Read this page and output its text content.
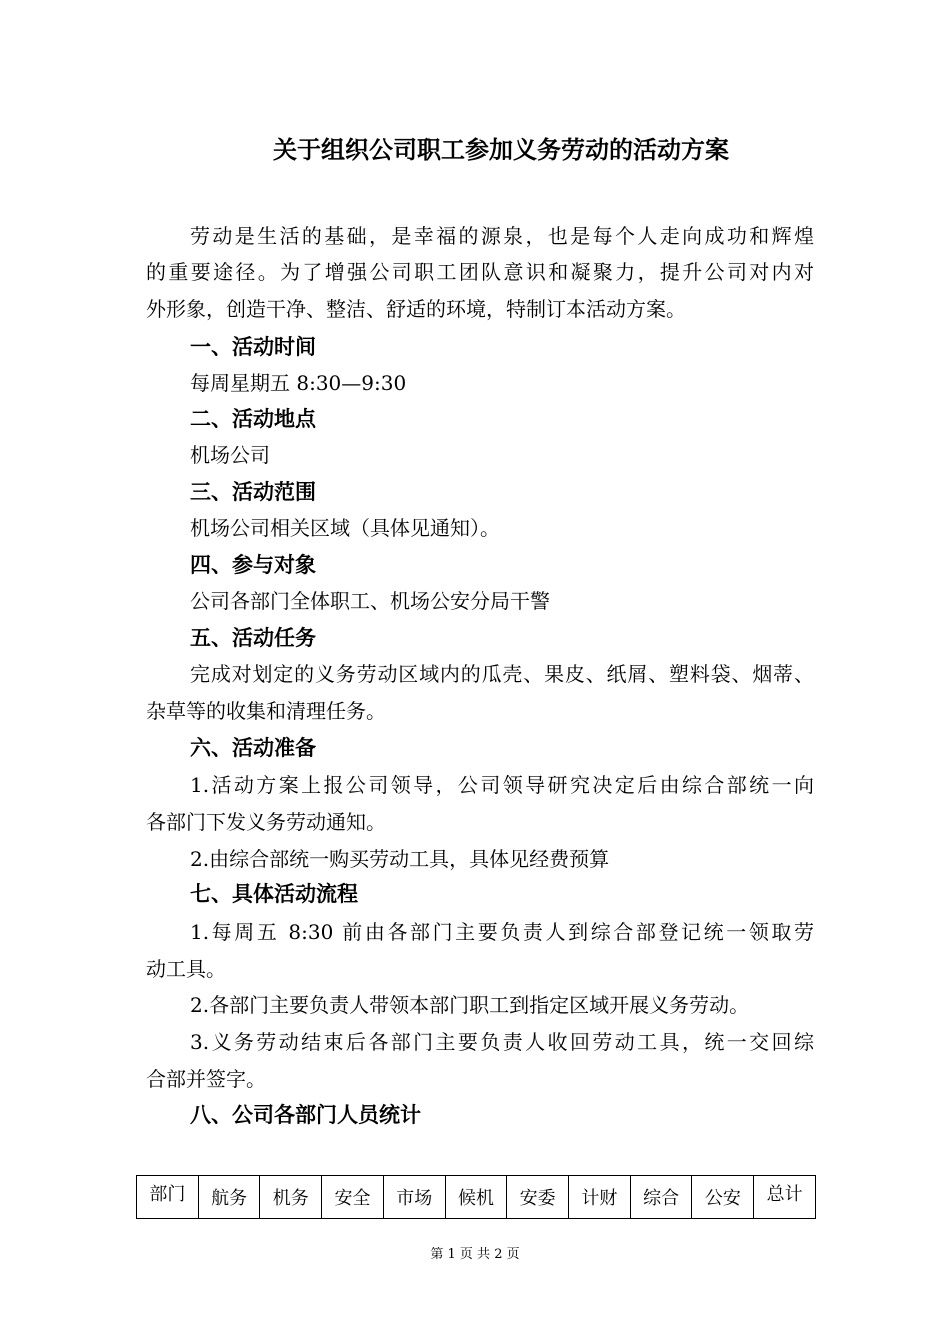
关于组织公司职工参加义务劳动的活动方案
劳动是生活的基础，是幸福的源泉，也是每个人走向成功和辉煌
的重要途径。为了增强公司职工团队意识和凝聚力，提升公司对内对
外形象，创造干净、整洁、舒适的环境，特制订本活动方案。
一、活动时间
每周星期五 8:30—9:30
二、活动地点
机场公司
三、活动范围
机场公司相关区域（具体见通知）。
四、参与对象
公司各部门全体职工、机场公安分局干警
五、活动任务
完成对划定的义务劳动区域内的瓜壳、果皮、纸屑、塑料袋、烟蒂、
杂草等的收集和清理任务。
六、活动准备
1.活动方案上报公司领导，公司领导研究决定后由综合部统一向
各部门下发义务劳动通知。
2.由综合部统一购买劳动工具，具体见经费预算
七、具体活动流程
1.每周五 8:30 前由各部门主要负责人到综合部登记统一领取劳
动工具。
2.各部门主要负责人带领本部门职工到指定区域开展义务劳动。
3.义务劳动结束后各部门主要负责人收回劳动工具，统一交回综
合部并签字。
八、公司各部门人员统计
部门	航务	机务	安全	市场	候机	安委	计财	综合	公安	总计
第 1 页 共 2 页
